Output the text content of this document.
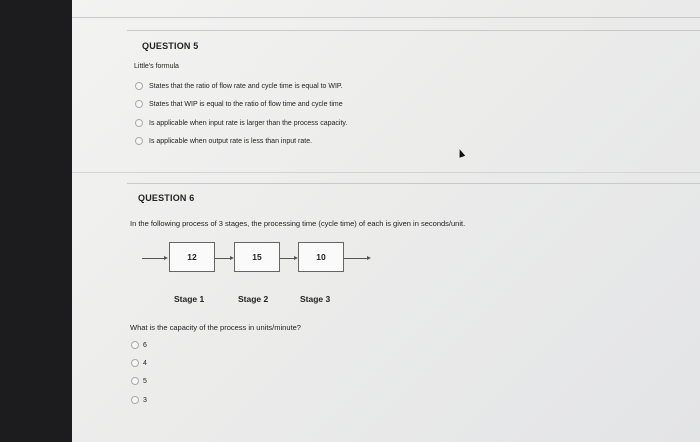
QUESTION 5
Little's formula
States that the ratio of flow rate and cycle time is equal to WIP.
States that WIP is equal to the ratio of flow time and cycle time
Is applicable when input rate is larger than the process capacity.
Is applicable when output rate is less than input rate.
QUESTION 6
In the following process of 3 stages, the processing time (cycle time) of each is given in seconds/unit.
12	15	10
Stage 1	Stage 2	Stage 3
What is the capacity of the process in units/minute?
6
4
5
3
